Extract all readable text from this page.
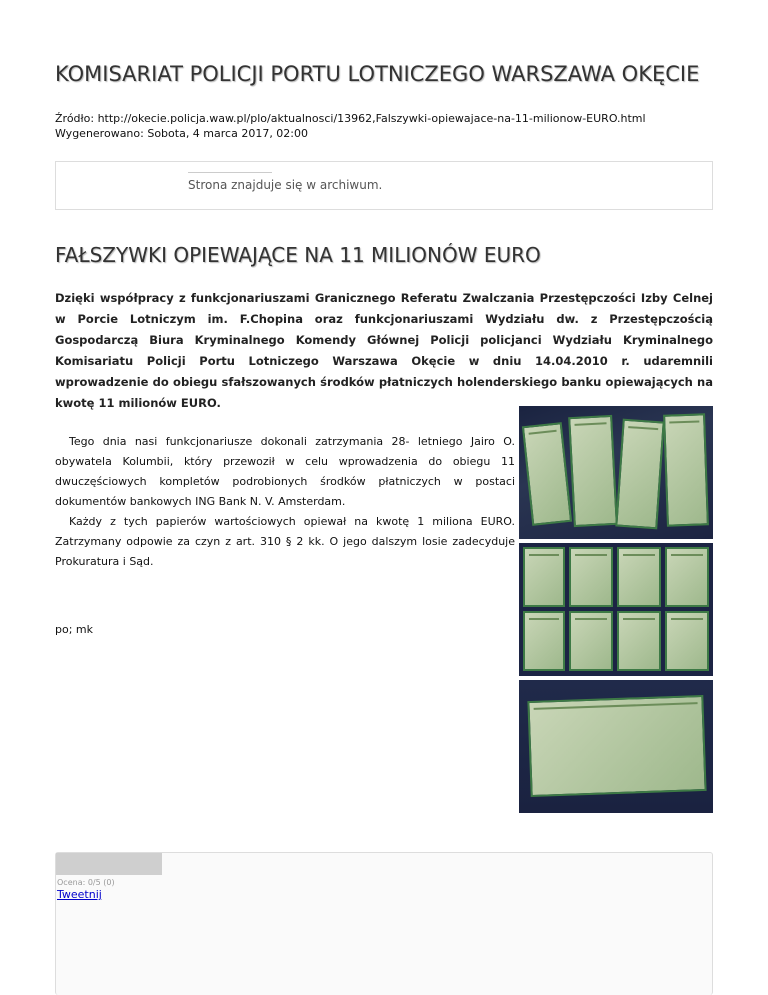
KOMISARIAT POLICJI PORTU LOTNICZEGO WARSZAWA OKĘCIE
Źródło: http://okecie.policja.waw.pl/plo/aktualnosci/13962,Falszywki-opiewajace-na-11-milionow-EURO.html
Wygenerowano: Sobota, 4 marca 2017, 02:00
Strona znajduje się w archiwum.
FAŁSZYWKI OPIEWAJĄCE NA 11 MILIONÓW EURO

Dzięki współpracy z funkcjonariuszami Granicznego Referatu Zwalczania Przestępczości Izby Celnej w Porcie Lotniczym im. F.Chopina oraz funkcjonariuszami Wydziału dw. z Przestępczością Gospodarczą Biura Kryminalnego Komendy Głównej Policji policjanci Wydziału Kryminalnego Komisariatu Policji Portu Lotniczego Warszawa Okęcie w dniu 14.04.2010 r. udaremnili wprowadzenie do obiegu sfałszowanych środków płatniczych holenderskiego banku opiewających na kwotę 11 milionów EURO.

Tego dnia nasi funkcjonariusze dokonali zatrzymania 28- letniego Jairo O. obywatela Kolumbii, który przewoził w celu wprowadzenia do obiegu 11 dwuczęściowych kompletów podrobionych środków płatniczych w postaci dokumentów bankowych ING Bank N. V. Amsterdam.

Każdy z tych papierów wartościowych opiewał na kwotę 1 miliona EURO. Zatrzymany odpowie za czyn z art. 310 § 2 kk. O jego dalszym losie zadecyduje Prokuratura i Sąd.

po; mk
Ocena: 0/5 (0)
Tweetnij
